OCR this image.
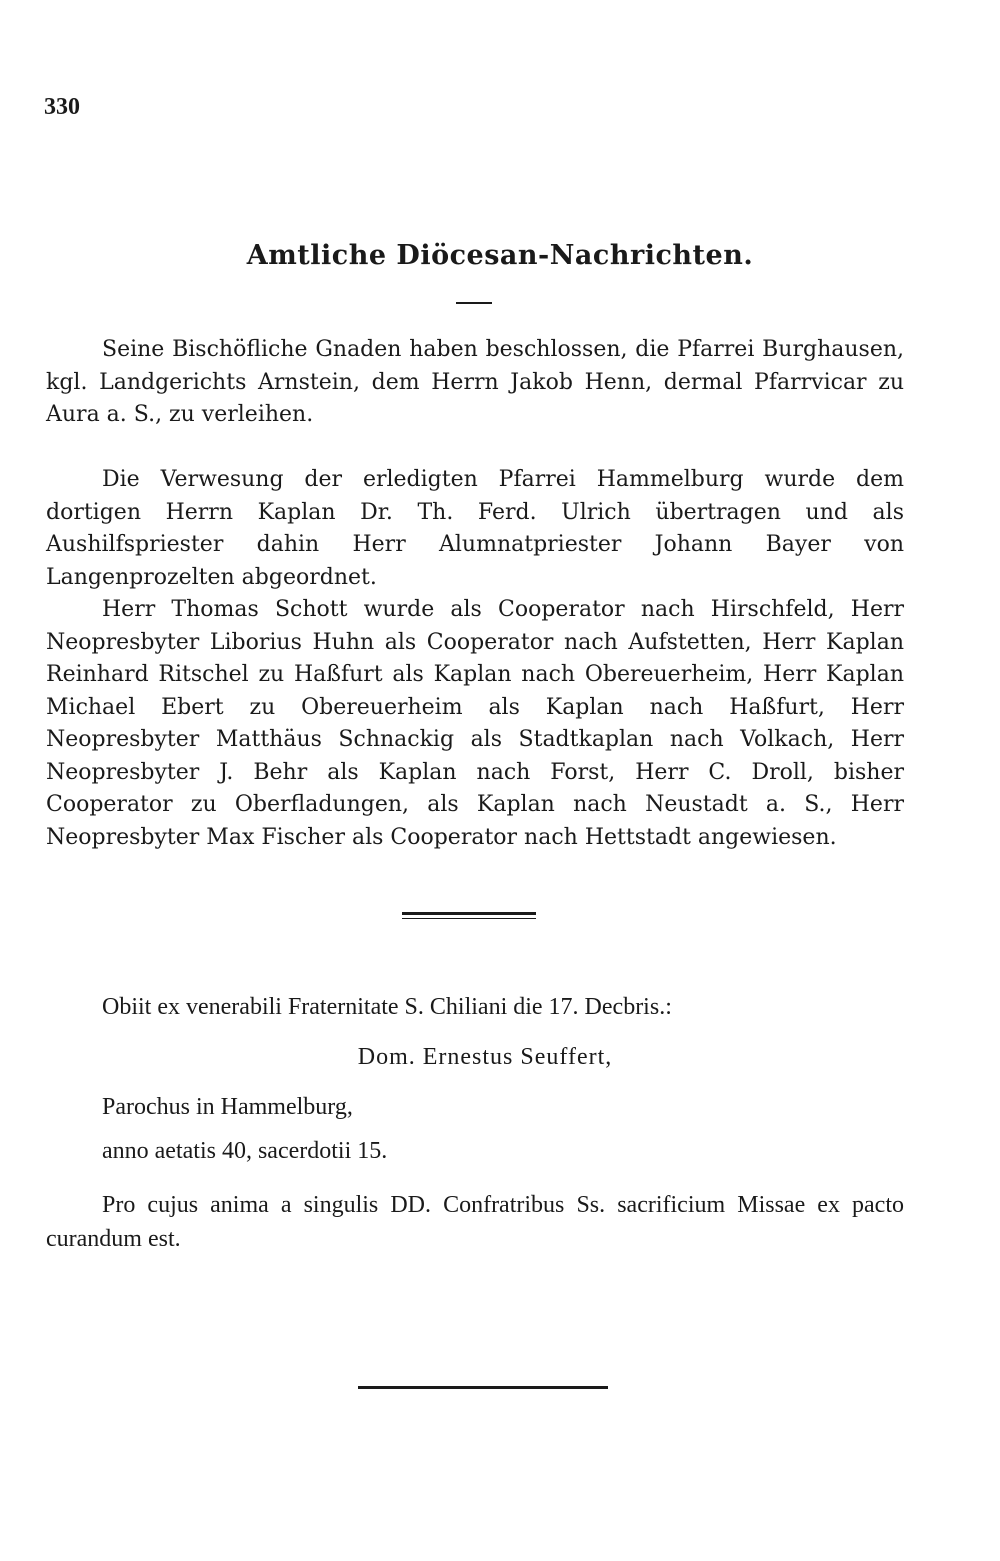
330
Amtliche Diöcesan-Nachrichten.

Seine Bischöfliche Gnaden haben beschlossen, die Pfarrei Burghausen, kgl. Landgerichts Arnstein, dem Herrn Jakob Henn, dermal Pfarrvicar zu Aura a. S., zu verleihen.

Die Verwesung der erledigten Pfarrei Hammelburg wurde dem dortigen Herrn Kaplan Dr. Th. Ferd. Ulrich übertragen und als Aushilfspriester dahin Herr Alumnatpriester Johann Bayer von Langenprozelten abgeordnet.

Herr Thomas Schott wurde als Cooperator nach Hirschfeld, Herr Neopresbyter Liborius Huhn als Cooperator nach Aufstetten, Herr Kaplan Reinhard Ritschel zu Haßfurt als Kaplan nach Obereuerheim, Herr Kaplan Michael Ebert zu Obereuerheim als Kaplan nach Haßfurt, Herr Neopresbyter Matthäus Schnackig als Stadtkaplan nach Volkach, Herr Neopresbyter J. Behr als Kaplan nach Forst, Herr C. Droll, bisher Cooperator zu Oberfladungen, als Kaplan nach Neustadt a. S., Herr Neopresbyter Max Fischer als Cooperator nach Hettstadt angewiesen.

Obiit ex venerabili Fraternitate S. Chiliani die 17. Decbris.:
Dom. Ernestus Seuffert,
Parochus in Hammelburg,
anno aetatis 40, sacerdotii 15.

Pro cujus anima a singulis DD. Confratribus Ss. sacrificium Missae ex pacto curandum est.
